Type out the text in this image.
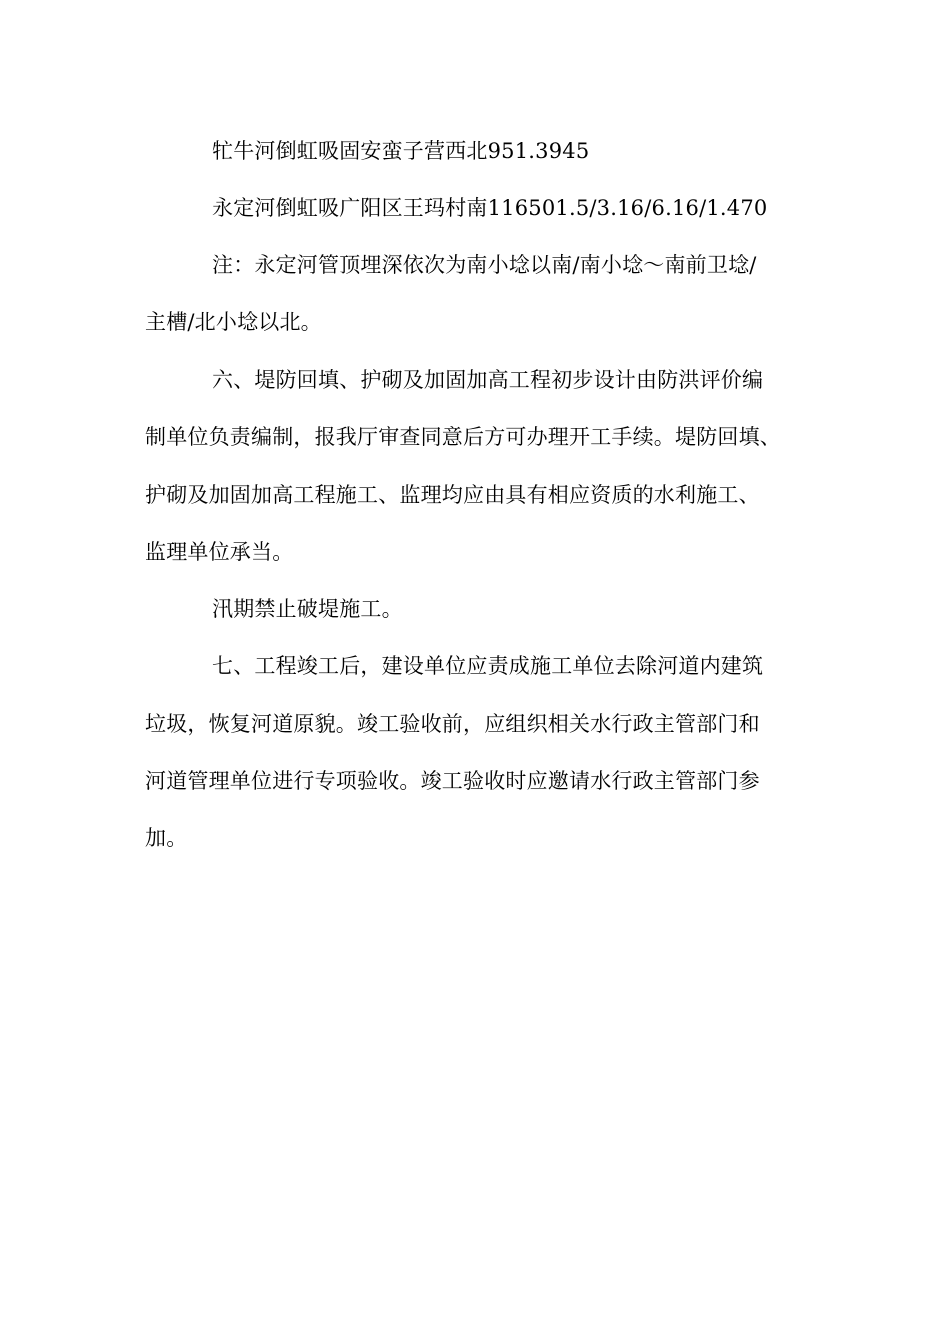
牤牛河倒虹吸固安蛮子营西北951.3945
永定河倒虹吸广阳区王玛村南116501.5/3.16/6.16/1.470
注：永定河管顶埋深依次为南小埝以南/南小埝～南前卫埝/
主槽/北小埝以北。
六、堤防回填、护砌及加固加高工程初步设计由防洪评价编
制单位负责编制，报我厅审查同意后方可办理开工手续。堤防回填、
护砌及加固加高工程施工、监理均应由具有相应资质的水利施工、
监理单位承当。
汛期禁止破堤施工。
七、工程竣工后，建设单位应责成施工单位去除河道内建筑
垃圾，恢复河道原貌。竣工验收前，应组织相关水行政主管部门和
河道管理单位进行专项验收。竣工验收时应邀请水行政主管部门参
加。
